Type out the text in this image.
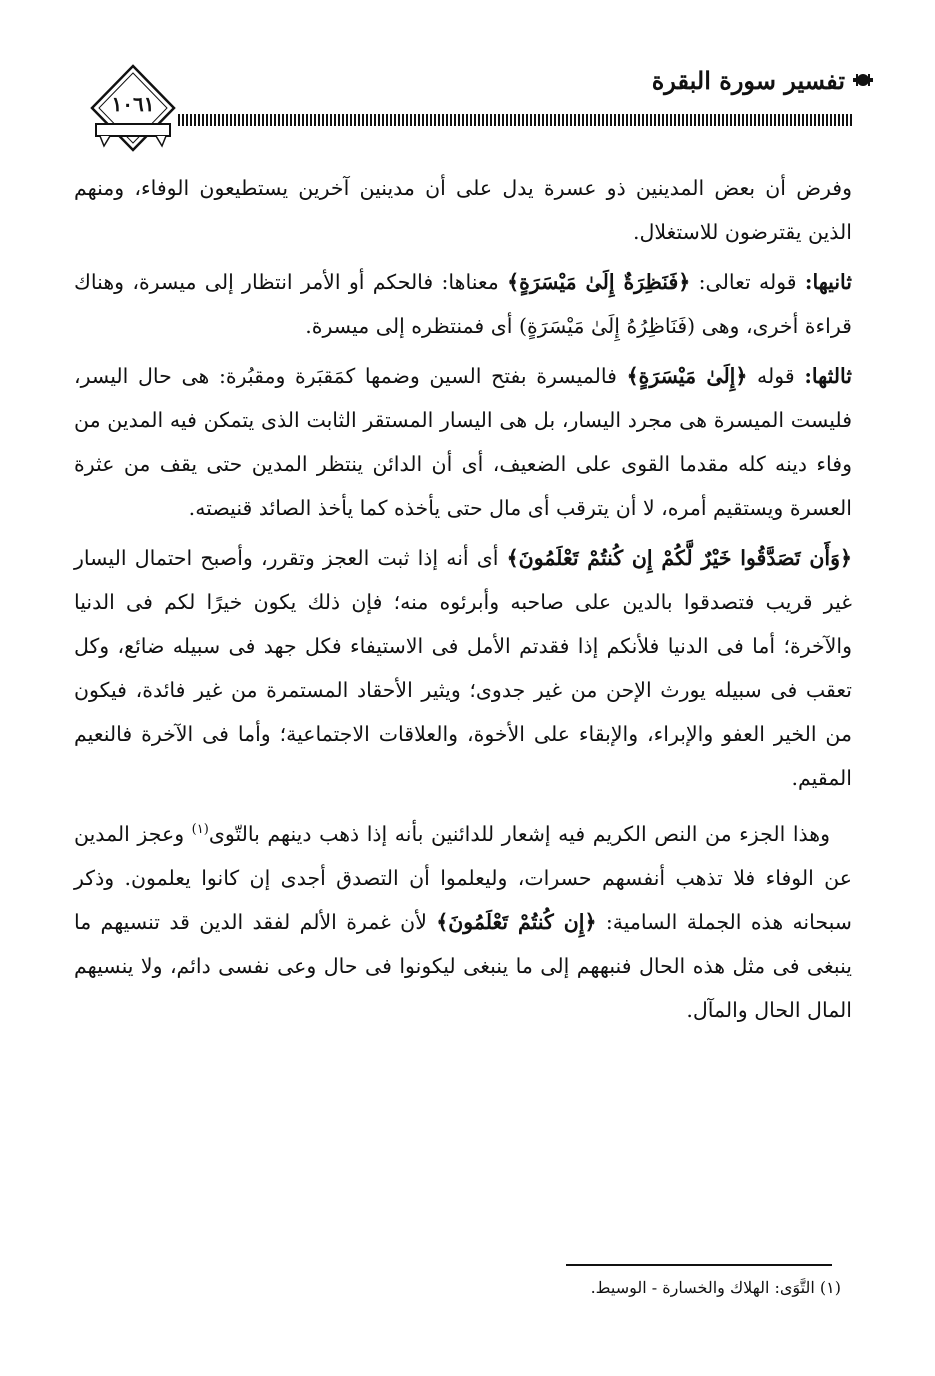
تفسير سورة البقرة
١٠٦١

وفرض أن بعض المدينين ذو عسرة يدل على أن مدينين آخرين يستطيعون الوفاء، ومنهم الذين يقترضون للاستغلال.

ثانيها: قوله تعالى: ﴿فَنَظِرَةٌ إِلَىٰ مَيْسَرَةٍ﴾ معناها: فالحكم أو الأمر انتظار إلى ميسرة، وهناك قراءة أخرى، وهى (فَنَاظِرُهُ إِلَىٰ مَيْسَرَةٍ) أى فمنتظره إلى ميسرة.

ثالثها: قوله ﴿إِلَىٰ مَيْسَرَةٍ﴾ فالميسرة بفتح السين وضمها كمَقبَرة ومقبُرة: هى حال اليسر، فليست الميسرة هى مجرد اليسار، بل هى اليسار المستقر الثابت الذى يتمكن فيه المدين من وفاء دينه كله مقدما القوى على الضعيف، أى أن الدائن ينتظر المدين حتى يقف من عثرة العسرة ويستقيم أمره، لا أن يترقب أى مال حتى يأخذه كما يأخذ الصائد قنيصته.

﴿وَأَن تَصَدَّقُوا خَيْرٌ لَّكُمْ إِن كُنتُمْ تَعْلَمُونَ﴾ أى أنه إذا ثبت العجز وتقرر، وأصبح احتمال اليسار غير قريب فتصدقوا بالدين على صاحبه وأبرئوه منه؛ فإن ذلك يكون خيرًا لكم فى الدنيا والآخرة؛ أما فى الدنيا فلأنكم إذا فقدتم الأمل فى الاستيفاء فكل جهد فى سبيله ضائع، وكل تعقب فى سبيله يورث الإحن من غير جدوى؛ ويثير الأحقاد المستمرة من غير فائدة، فيكون من الخير العفو والإبراء، والإبقاء على الأخوة، والعلاقات الاجتماعية؛ وأما فى الآخرة فالنعيم المقيم.

وهذا الجزء من النص الكريم فيه إشعار للدائنين بأنه إذا ذهب دينهم بالتّوى$^{(١)}$ وعجز المدين عن الوفاء فلا تذهب أنفسهم حسرات، وليعلموا أن التصدق أجدى إن كانوا يعلمون. وذكر سبحانه هذه الجملة السامية: ﴿إِن كُنتُمْ تَعْلَمُونَ﴾ لأن غمرة الألم لفقد الدين قد تنسيهم ما ينبغى فى مثل هذه الحال فنبههم إلى ما ينبغى ليكونوا فى حال وعى نفسى دائم، ولا ينسيهم المال الحال والمآل.

(١) التَّوَى: الهلاك والخسارة - الوسيط.
